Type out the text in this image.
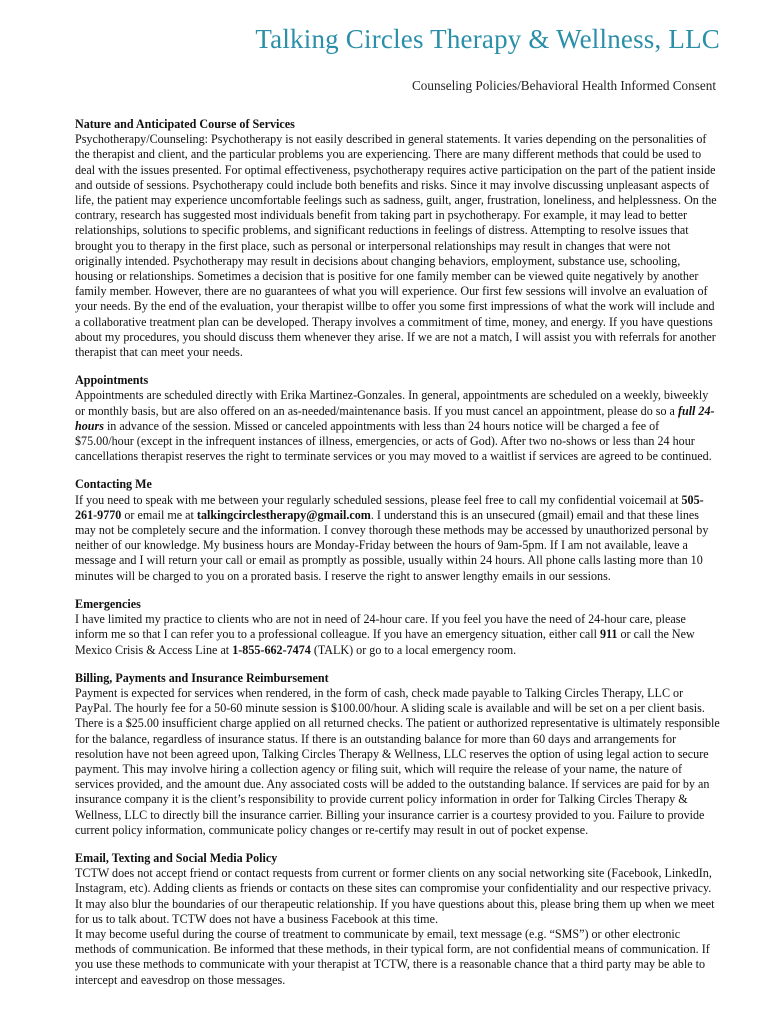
Talking Circles Therapy & Wellness, LLC
Counseling Policies/Behavioral Health Informed Consent
Nature and Anticipated Course of Services

Psychotherapy/Counseling: Psychotherapy is not easily described in general statements. It varies depending on the personalities of the therapist and client, and the particular problems you are experiencing. There are many different methods that could be used to deal with the issues presented. For optimal effectiveness, psychotherapy requires active participation on the part of the patient inside and outside of sessions. Psychotherapy could include both benefits and risks. Since it may involve discussing unpleasant aspects of life, the patient may experience uncomfortable feelings such as sadness, guilt, anger, frustration, loneliness, and helplessness. On the contrary, research has suggested most individuals benefit from taking part in psychotherapy. For example, it may lead to better relationships, solutions to specific problems, and significant reductions in feelings of distress. Attempting to resolve issues that brought you to therapy in the first place, such as personal or interpersonal relationships may result in changes that were not originally intended. Psychotherapy may result in decisions about changing behaviors, employment, substance use, schooling, housing or relationships. Sometimes a decision that is positive for one family member can be viewed quite negatively by another family member. However, there are no guarantees of what you will experience. Our first few sessions will involve an evaluation of your needs. By the end of the evaluation, your therapist willbe to offer you some first impressions of what the work will include and a collaborative treatment plan can be developed. Therapy involves a commitment of time, money, and energy. If you have questions about my procedures, you should discuss them whenever they arise. If we are not a match, I will assist you with referrals for another therapist that can meet your needs.

Appointments

Appointments are scheduled directly with Erika Martinez-Gonzales. In general, appointments are scheduled on a weekly, biweekly or monthly basis, but are also offered on an as-needed/maintenance basis. If you must cancel an appointment, please do so a full 24-hours in advance of the session. Missed or canceled appointments with less than 24 hours notice will be charged a fee of $75.00/hour (except in the infrequent instances of illness, emergencies, or acts of God). After two no-shows or less than 24 hour cancellations therapist reserves the right to terminate services or you may moved to a waitlist if services are agreed to be continued.

Contacting Me

If you need to speak with me between your regularly scheduled sessions, please feel free to call my confidential voicemail at 505-261-9770 or email me at talkingcirclestherapy@gmail.com. I understand this is an unsecured (gmail) email and that these lines may not be completely secure and the information. I convey thorough these methods may be accessed by unauthorized personal by neither of our knowledge. My business hours are Monday-Friday between the hours of 9am-5pm. If I am not available, leave a message and I will return your call or email as promptly as possible, usually within 24 hours. All phone calls lasting more than 10 minutes will be charged to you on a prorated basis. I reserve the right to answer lengthy emails in our sessions.

Emergencies

I have limited my practice to clients who are not in need of 24-hour care. If you feel you have the need of 24-hour care, please inform me so that I can refer you to a professional colleague. If you have an emergency situation, either call 911 or call the New Mexico Crisis & Access Line at 1-855-662-7474 (TALK) or go to a local emergency room.

Billing, Payments and Insurance Reimbursement

Payment is expected for services when rendered, in the form of cash, check made payable to Talking Circles Therapy, LLC or PayPal. The hourly fee for a 50-60 minute session is $100.00/hour. A sliding scale is available and will be set on a per client basis. There is a $25.00 insufficient charge applied on all returned checks. The patient or authorized representative is ultimately responsible for the balance, regardless of insurance status. If there is an outstanding balance for more than 60 days and arrangements for resolution have not been agreed upon, Talking Circles Therapy & Wellness, LLC reserves the option of using legal action to secure payment. This may involve hiring a collection agency or filing suit, which will require the release of your name, the nature of services provided, and the amount due. Any associated costs will be added to the outstanding balance. If services are paid for by an insurance company it is the client’s responsibility to provide current policy information in order for Talking Circles Therapy & Wellness, LLC to directly bill the insurance carrier. Billing your insurance carrier is a courtesy provided to you. Failure to provide current policy information, communicate policy changes or re-certify may result in out of pocket expense.

Email, Texting and Social Media Policy

TCTW does not accept friend or contact requests from current or former clients on any social networking site (Facebook, LinkedIn, Instagram, etc). Adding clients as friends or contacts on these sites can compromise your confidentiality and our respective privacy. It may also blur the boundaries of our therapeutic relationship. If you have questions about this, please bring them up when we meet for us to talk about. TCTW does not have a business Facebook at this time.

It may become useful during the course of treatment to communicate by email, text message (e.g. “SMS”) or other electronic methods of communication. Be informed that these methods, in their typical form, are not confidential means of communication. If you use these methods to communicate with your therapist at TCTW, there is a reasonable chance that a third party may be able to intercept and eavesdrop on those messages.
